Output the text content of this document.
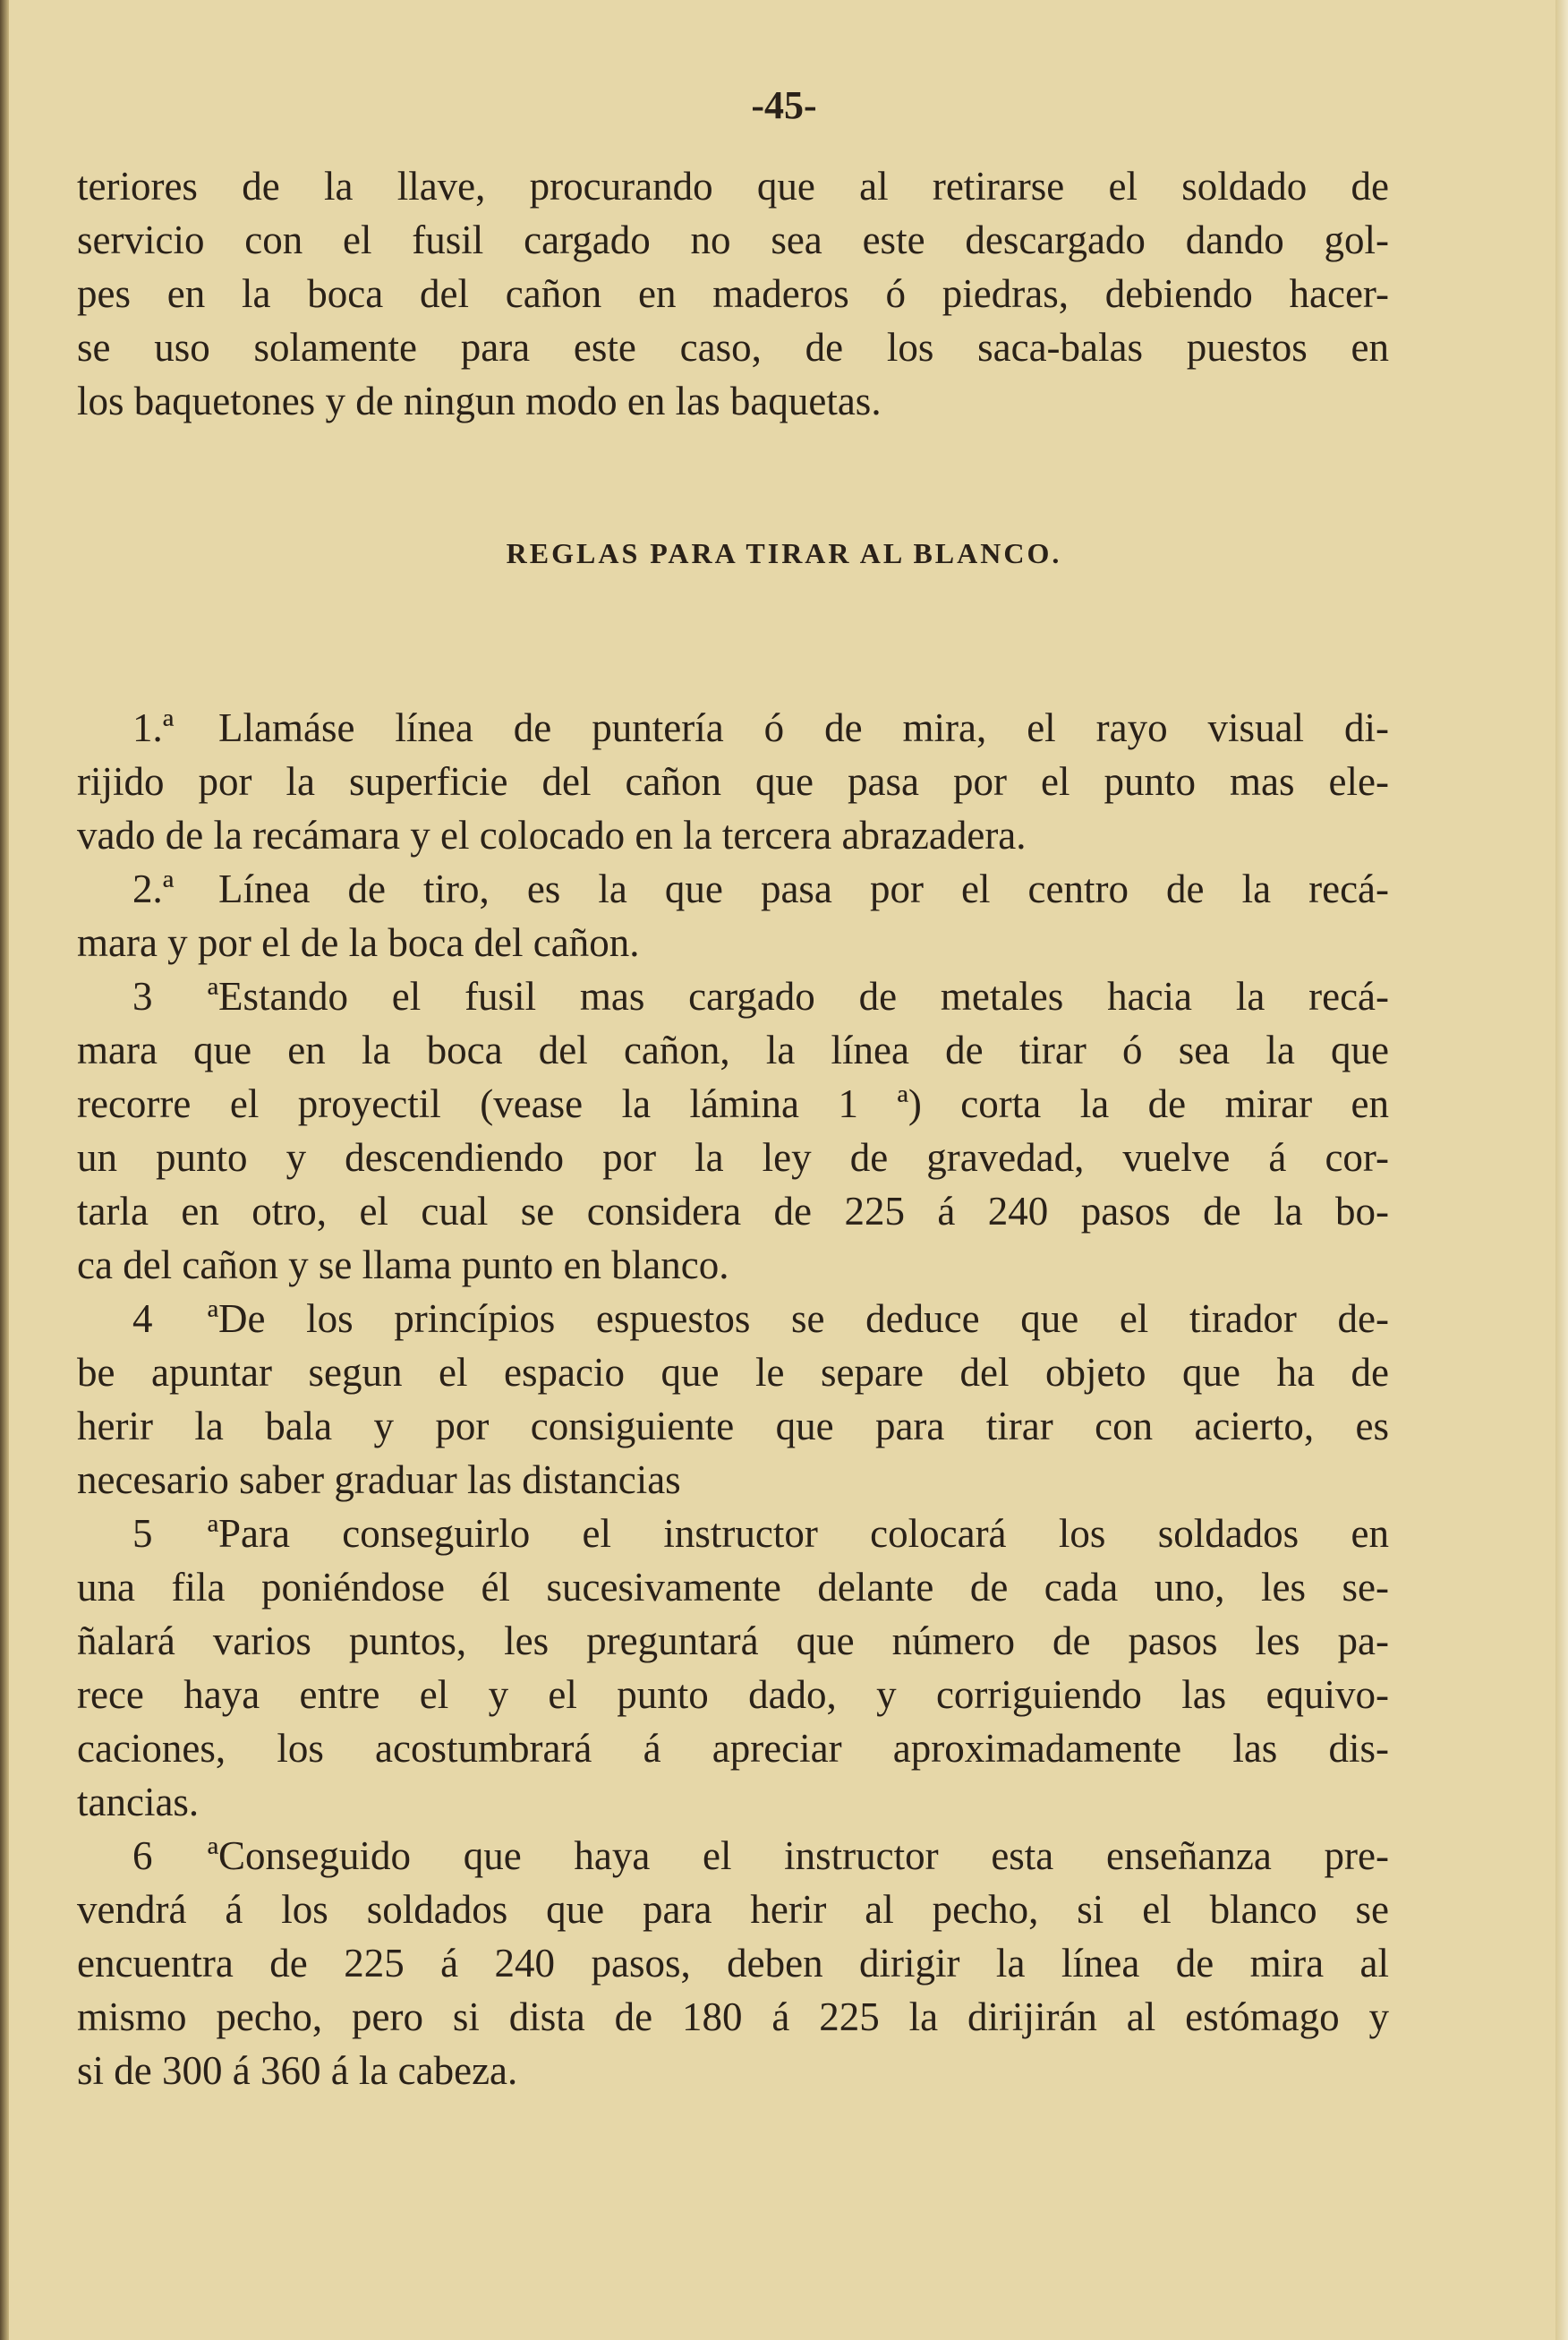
-45-
teriores de la llave, procurando que al retirarse el soldado de
servicio con el fusil cargado no sea este descargado dando gol-
pes en la boca del cañon en maderos ó piedras, debiendo hacer-
se uso solamente para este caso, de los saca-balas puestos en
los baquetones y de ningun modo en las baquetas.
REGLAS PARA TIRAR AL BLANCO.
1.ª	Llamáse línea de puntería ó de mira, el rayo visual di-
rijido por la superficie del cañon que pasa por el punto mas ele-
vado de la recámara y el colocado en la tercera abrazadera.
2.ª	Línea de tiro, es la que pasa por el centro de la recá-
mara y por el de la boca del cañon.
3 ª Estando el fusil mas cargado de metales hacia la recá-
mara que en la boca del cañon, la línea de tirar ó sea la que
recorre el proyectil (vease la lámina 1 ª) corta la de mirar en
un punto y descendiendo por la ley de gravedad, vuelve á cor-
tarla en otro, el cual se considera de 225 á 240 pasos de la bo-
ca del cañon y se llama punto en blanco.
4 ª De los princípios espuestos se deduce que el tirador de-
be apuntar segun el espacio que le separe del objeto que ha de
herir la bala y por consiguiente que para tirar con acierto, es
necesario saber graduar las distancias
5 ª Para conseguirlo el instructor colocará los soldados en
una fila poniéndose él sucesivamente delante de cada uno, les se-
ñalará varios puntos, les preguntará que número de pasos les pa-
rece haya entre el y el punto dado, y corriguiendo las equivo-
caciones, los acostumbrará á apreciar aproximadamente las dis-
tancias.
6 ª Conseguido que haya el instructor esta enseñanza pre-
vendrá á los soldados que para herir al pecho, si el blanco se
encuentra de 225 á 240 pasos, deben dirigir la línea de mira al
mismo pecho, pero si dista de 180 á 225 la dirijirán al estómago y
si de 300 á 360 á la cabeza.
